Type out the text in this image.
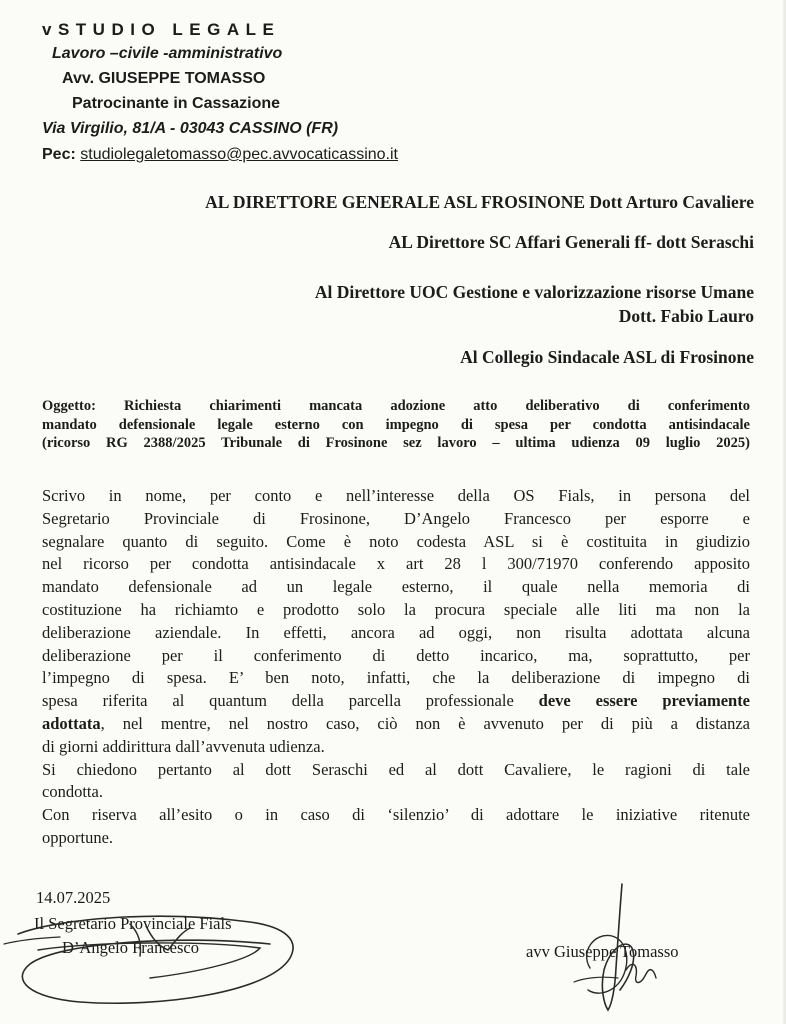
vSTUDIO LEGALE
Lavoro –civile -amministrativo
Avv. GIUSEPPE TOMASSO
Patrocinante in Cassazione
Via Virgilio, 81/A - 03043 CASSINO (FR)
Pec: studiolegaletomasso@pec.avvocaticassino.it
AL DIRETTORE GENERALE ASL FROSINONE Dott Arturo Cavaliere
AL Direttore SC Affari Generali ff- dott Seraschi
Al Direttore UOC Gestione e valorizzazione risorse Umane
Dott. Fabio Lauro
Al Collegio Sindacale ASL di Frosinone
Oggetto: Richiesta chiarimenti mancata adozione atto deliberativo di conferimento
mandato defensionale legale esterno con impegno di spesa per condotta antisindacale
(ricorso RG 2388/2025 Tribunale di Frosinone sez lavoro – ultima udienza 09 luglio 2025)
Scrivo in nome, per conto e nell’interesse della OS Fials, in persona del
Segretario Provinciale di Frosinone, D’Angelo Francesco per esporre e
segnalare quanto di seguito. Come è noto codesta ASL si è costituita in giudizio
nel ricorso per condotta antisindacale x art 28 l 300/71970 conferendo apposito
mandato defensionale ad un legale esterno, il quale nella memoria di
costituzione ha richiamto e prodotto solo la procura speciale alle liti ma non la
deliberazione aziendale. In effetti, ancora ad oggi, non risulta adottata alcuna
deliberazione per il conferimento di detto incarico, ma, soprattutto, per
l’impegno di spesa. E’ ben noto, infatti, che la deliberazione di impegno di
spesa riferita al quantum della parcella professionale deve essere previamente
adottata, nel mentre, nel nostro caso, ciò non è avvenuto per di più a distanza
di giorni addirittura dall’avvenuta udienza.
Si chiedono pertanto al dott Seraschi ed al dott Cavaliere, le ragioni di tale
condotta.
Con riserva all’esito o in caso di ‘silenzio’ di adottare le iniziative ritenute
opportune.
14.07.2025
Il Segretario Provinciale Fials
D’Angelo Francesco	avv Giuseppe Tomasso
